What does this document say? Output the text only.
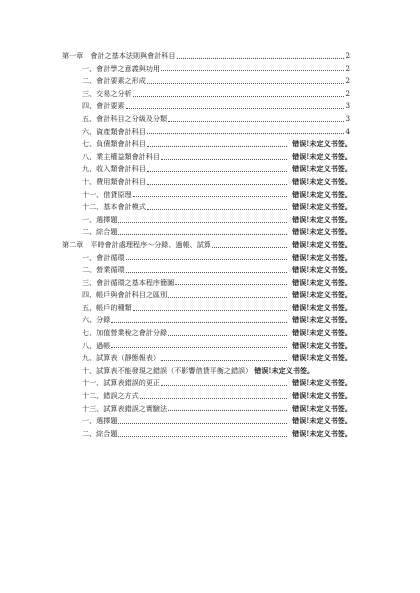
第一章　會計之基本法則與會計科目	2
一、會計學之意義與功用	2
二、會計要素之形成	2
三、交易之分析	2
四、會計要素	3
五、會計科目之分級及分類	3
六、資產類會計科目	4
七、負債類會計科目	错误!未定义书签。
八、業主權益類會計科目	错误!未定义书签。
九、收入類會計科目	错误!未定义书签。
十、費用類會計科目	错误!未定义书签。
十一、借貸原理	错误!未定义书签。
十二、基本會計模式	错误!未定义书签。
一、選擇題	错误!未定义书签。
二、綜合題	错误!未定义书签。
第二章　平時會計處理程序～分錄、過帳、試算	错误!未定义书签。
一、會計循環	错误!未定义书签。
二、營業循環	错误!未定义书签。
三、會計循環之基本程序簡圖	错误!未定义书签。
四、帳戶與會計科目之區別	错误!未定义书签。
五、帳戶的種類	错误!未定义书签。
六、分錄	错误!未定义书签。
七、加值營業稅之會計分錄	错误!未定义书签。
八、過帳	错误!未定义书签。
九、試算表（靜態報表）	错误!未定义书签。
十、試算表不能發現之錯誤（不影響借貸平衡之錯誤） 错误!未定义书签。
十一、試算表錯誤的更正	错误!未定义书签。
十二、錯誤之方式	错误!未定义书签。
十三、試算表錯誤之實驗法	错误!未定义书签。
一、選擇題	错误!未定义书签。
二、綜合題	错误!未定义书签。
